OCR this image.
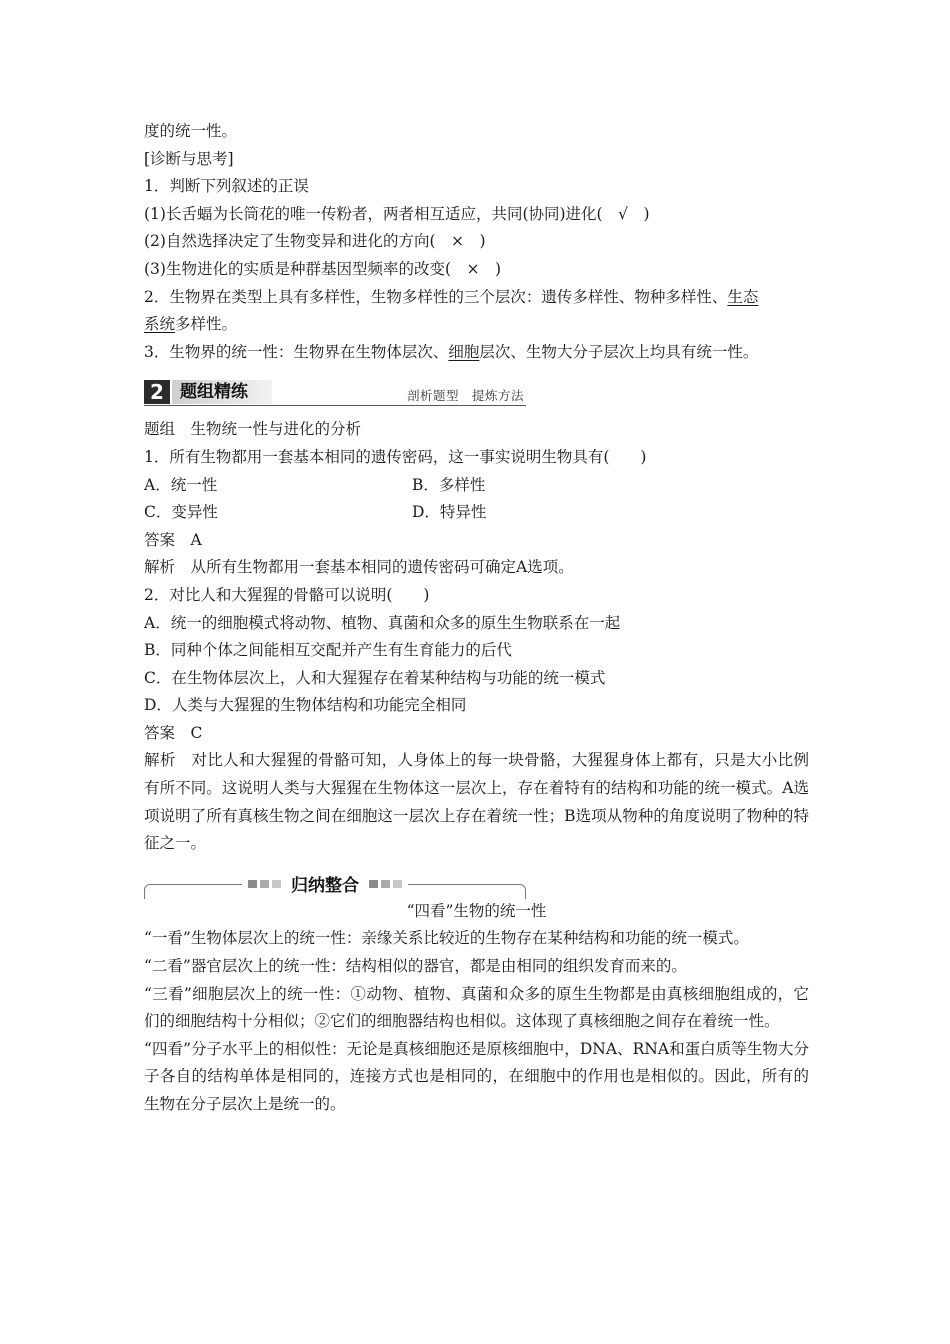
度的统一性。
[诊断与思考]
1．判断下列叙述的正误
(1)长舌蝠为长筒花的唯一传粉者，两者相互适应，共同(协同)进化(　√　)
(2)自然选择决定了生物变异和进化的方向(　×　)
(3)生物进化的实质是种群基因型频率的改变(　×　)
2．生物界在类型上具有多样性，生物多样性的三个层次：遗传多样性、物种多样性、生态
系统多样性。
3．生物界的统一性：生物界在生物体层次、细胞层次、生物大分子层次上均具有统一性。
2 题组精练	剖析题型　提炼方法
题组　生物统一性与进化的分析
1．所有生物都用一套基本相同的遗传密码，这一事实说明生物具有(　　)
A．统一性	B．多样性
C．变异性	D．特异性
答案　A
解析　从所有生物都用一套基本相同的遗传密码可确定A选项。
2．对比人和大猩猩的骨骼可以说明(　　)
A．统一的细胞模式将动物、植物、真菌和众多的原生生物联系在一起
B．同种个体之间能相互交配并产生有生育能力的后代
C．在生物体层次上，人和大猩猩存在着某种结构与功能的统一模式
D．人类与大猩猩的生物体结构和功能完全相同
答案　C
解析　对比人和大猩猩的骨骼可知，人身体上的每一块骨骼，大猩猩身体上都有，只是大小比例有所不同。这说明人类与大猩猩在生物体这一层次上，存在着特有的结构和功能的统一模式。A选项说明了所有真核生物之间在细胞这一层次上存在着统一性；B选项从物种的角度说明了物种的特征之一。
归纳整合
“四看”生物的统一性
“一看”生物体层次上的统一性：亲缘关系比较近的生物存在某种结构和功能的统一模式。
“二看”器官层次上的统一性：结构相似的器官，都是由相同的组织发育而来的。
“三看”细胞层次上的统一性：①动物、植物、真菌和众多的原生生物都是由真核细胞组成的，它们的细胞结构十分相似；②它们的细胞器结构也相似。这体现了真核细胞之间存在着统一性。
“四看”分子水平上的相似性：无论是真核细胞还是原核细胞中，DNA、RNA和蛋白质等生物大分子各自的结构单体是相同的，连接方式也是相同的，在细胞中的作用也是相似的。因此，所有的生物在分子层次上是统一的。
